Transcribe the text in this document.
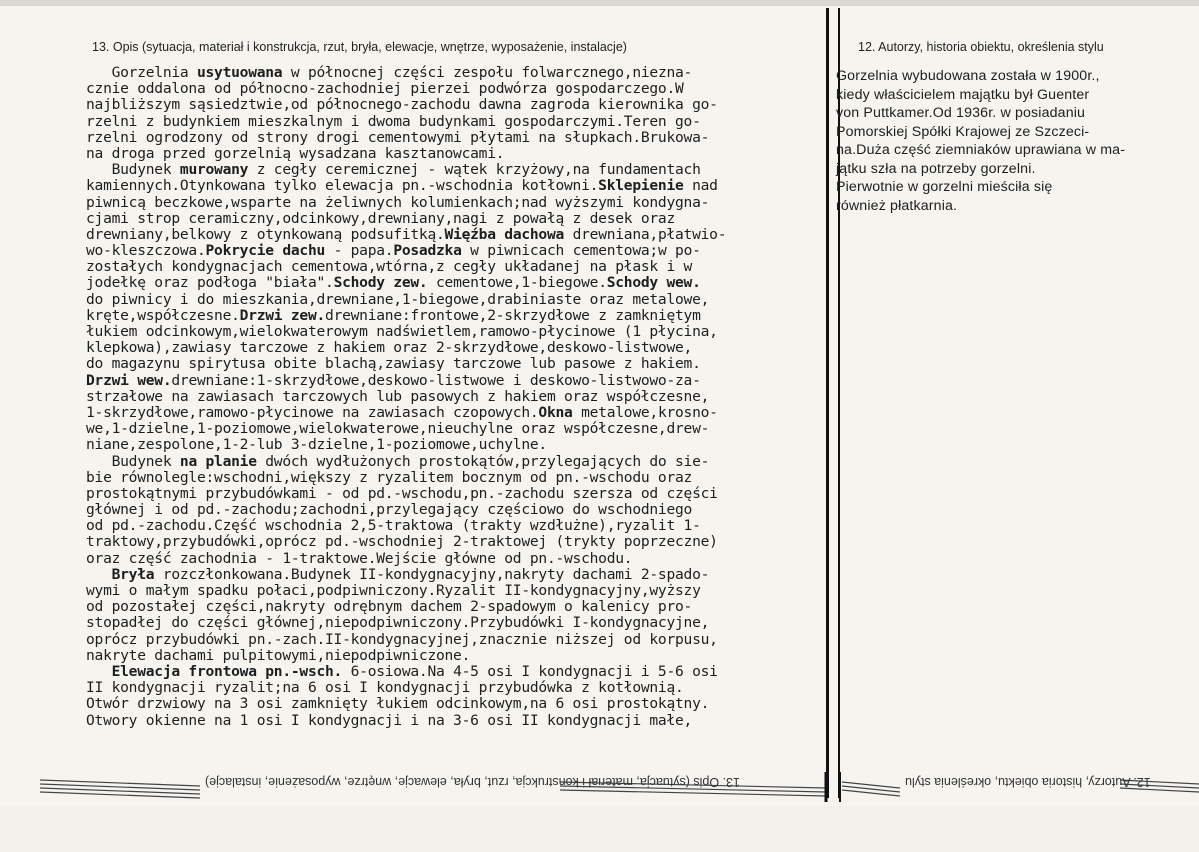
13. Opis (sytuacja, materiał i konstrukcja, rzut, bryła, elewacje, wnętrze, wyposażenie, instalacje)	12. Autorzy, historia obiektu, określenia stylu
Gorzelnia usytuowana w północnej części zespołu folwarcznego,niezna-
cznie oddalona od północno-zachodniej pierzei podwórza gospodarczego.W
najbliższym sąsiedztwie,od północnego-zachodu dawna zagroda kierownika go-
rzelni z budynkiem mieszkalnym i dwoma budynkami gospodarczymi.Teren go-
rzelni ogrodzony od strony drogi cementowymi płytami na słupkach.Brukowa-
na droga przed gorzelnią wysadzana kasztanowcami.
Budynek murowany z cegły ceremicznej - wątek krzyżowy,na fundamentach
kamiennych.Otynkowana tylko elewacja pn.-wschodnia kotłowni.Sklepienie nad
piwnicą beczkowe,wsparte na żeliwnych kolumienkach;nad wyższymi kondygna-
cjami strop ceramiczny,odcinkowy,drewniany,nagi z powałą z desek oraz
drewniany,belkowy z otynkowaną podsufitką.Więźba dachowa drewniana,płatwio-
wo-kleszczowa.Pokrycie dachu - papa.Posadzka w piwnicach cementowa;w po-
zostałych kondygnacjach cementowa,wtórna,z cegły układanej na płask i w
jodełkę oraz podłoga "biała".Schody zew. cementowe,1-biegowe.Schody wew.
do piwnicy i do mieszkania,drewniane,1-biegowe,drabiniaste oraz metalowe,
kręte,współczesne.Drzwi zew.drewniane:frontowe,2-skrzydłowe z zamkniętym
łukiem odcinkowym,wielokwaterowym nadświetlem,ramowo-płycinowe (1 płycina,
klepkowa),zawiasy tarczowe z hakiem oraz 2-skrzydłowe,deskowo-listwowe,
do magazynu spirytusa obite blachą,zawiasy tarczowe lub pasowe z hakiem.
Drzwi wew.drewniane:1-skrzydłowe,deskowo-listwowe i deskowo-listwowo-za-
strzałowe na zawiasach tarczowych lub pasowych z hakiem oraz współczesne,
1-skrzydłowe,ramowo-płycinowe na zawiasach czopowych.Okna metalowe,krosno-
we,1-dzielne,1-poziomowe,wielokwaterowe,nieuchylne oraz współczesne,drew-
niane,zespolone,1-2-lub 3-dzielne,1-poziomowe,uchylne.
Budynek na planie dwóch wydłużonych prostokątów,przylegających do sie-
bie równolegle:wschodni,większy z ryzalitem bocznym od pn.-wschodu oraz
prostokątnymi przybudówkami - od pd.-wschodu,pn.-zachodu szersza od części
głównej i od pd.-zachodu;zachodni,przylegający częściowo do wschodniego
od pd.-zachodu.Część wschodnia 2,5-traktowa (trakty wzdłużne),ryzalit 1-
traktowy,przybudówki,oprócz pd.-wschodniej 2-traktowej (trykty poprzeczne)
oraz część zachodnia - 1-traktowe.Wejście główne od pn.-wschodu.
Bryła rozczłonkowana.Budynek II-kondygnacyjny,nakryty dachami 2-spado-
wymi o małym spadku połaci,podpiwniczony.Ryzalit II-kondygnacyjny,wyższy
od pozostałej części,nakryty odrębnym dachem 2-spadowym o kalenicy pro-
stopadłej do części głównej,niepodpiwniczony.Przybudówki I-kondygnacyjne,
oprócz przybudówki pn.-zach.II-kondygnacyjnej,znacznie niższej od korpusu,
nakryte dachami pulpitowymi,niepodpiwniczone.
Elewacja frontowa pn.-wsch. 6-osiowa.Na 4-5 osi I kondygnacji i 5-6 osi
II kondygnacji ryzalit;na 6 osi I kondygnacji przybudówka z kotłownią.
Otwór drzwiowy na 3 osi zamknięty łukiem odcinkowym,na 6 osi prostokątny.
Otwory okienne na 1 osi I kondygnacji i na 3-6 osi II kondygnacji małe,
Gorzelnia wybudowana została w 1900r.,
kiedy właścicielem majątku był Guenter
von Puttkamer.Od 1936r. w posiadaniu
Pomorskiej Spółki Krajowej ze Szczeci-
na.Duża część ziemniaków uprawiana w ma-
jątku szła na potrzeby gorzelni.
Pierwotnie w gorzelni mieściła się
również płatkarnia.
13. Opis (sytuacja, materiał i konstrukcja, rzut, bryła, elewacje, wnętrze, wyposażenie, instalacje)	12. Autorzy, historia obiektu, określenia stylu
